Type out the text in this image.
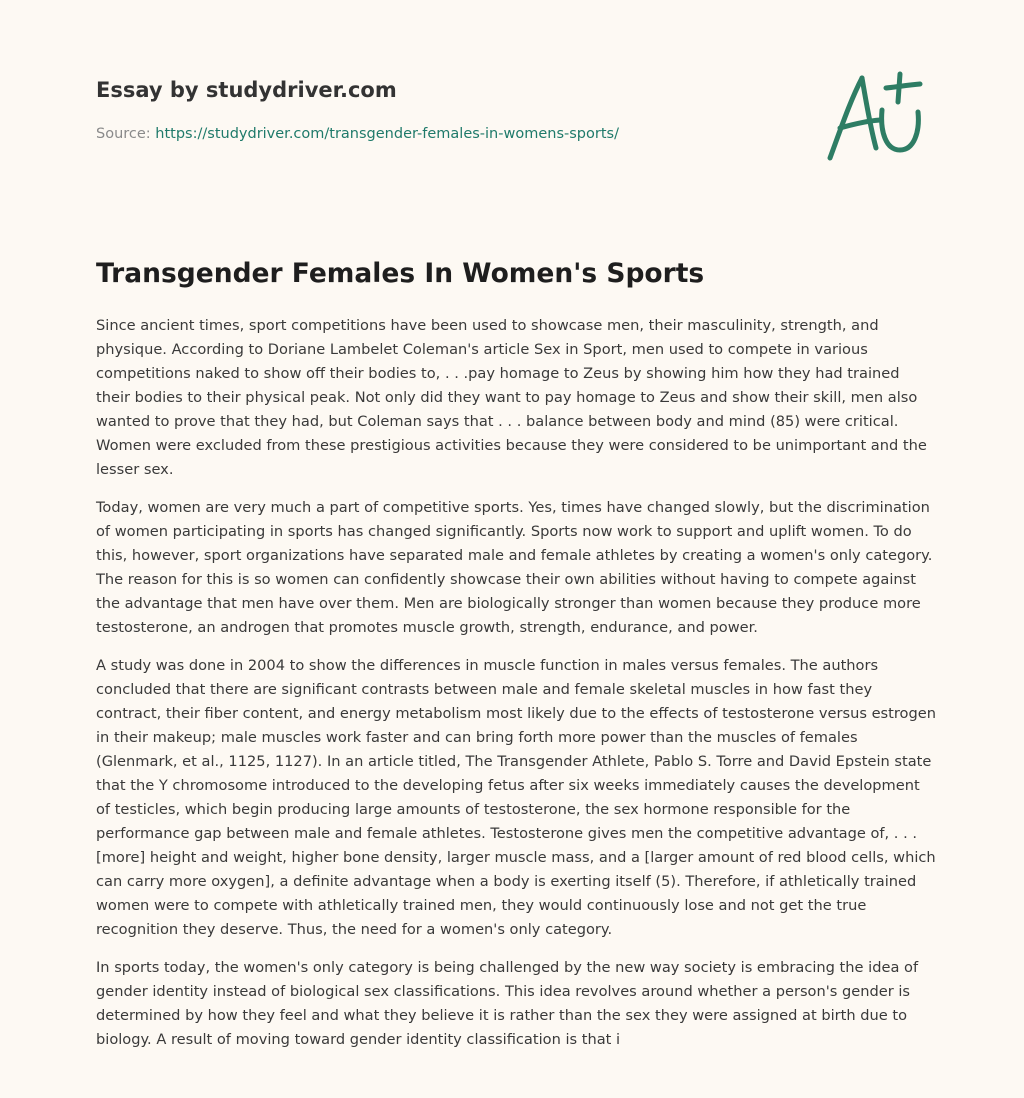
Essay by studydriver.com
Source: https://studydriver.com/transgender-females-in-womens-sports/
Transgender Females In Women's Sports

Since ancient times, sport competitions have been used to showcase men, their masculinity, strength, and physique. According to Doriane Lambelet Coleman's article Sex in Sport, men used to compete in various competitions naked to show off their bodies to, . . .pay homage to Zeus by showing him how they had trained their bodies to their physical peak. Not only did they want to pay homage to Zeus and show their skill, men also wanted to prove that they had, but Coleman says that . . . balance between body and mind (85) were critical. Women were excluded from these prestigious activities because they were considered to be unimportant and the lesser sex.

Today, women are very much a part of competitive sports. Yes, times have changed slowly, but the discrimination of women participating in sports has changed significantly. Sports now work to support and uplift women. To do this, however, sport organizations have separated male and female athletes by creating a women's only category. The reason for this is so women can confidently showcase their own abilities without having to compete against the advantage that men have over them. Men are biologically stronger than women because they produce more testosterone, an androgen that promotes muscle growth, strength, endurance, and power.

A study was done in 2004 to show the differences in muscle function in males versus females. The authors concluded that there are significant contrasts between male and female skeletal muscles in how fast they contract, their fiber content, and energy metabolism most likely due to the effects of testosterone versus estrogen in their makeup; male muscles work faster and can bring forth more power than the muscles of females (Glenmark, et al., 1125, 1127). In an article titled, The Transgender Athlete, Pablo S. Torre and David Epstein state that the Y chromosome introduced to the developing fetus after six weeks immediately causes the development of testicles, which begin producing large amounts of testosterone, the sex hormone responsible for the performance gap between male and female athletes. Testosterone gives men the competitive advantage of, . . .[more] height and weight, higher bone density, larger muscle mass, and a [larger amount of red blood cells, which can carry more oxygen], a definite advantage when a body is exerting itself (5). Therefore, if athletically trained women were to compete with athletically trained men, they would continuously lose and not get the true recognition they deserve. Thus, the need for a women's only category.

In sports today, the women's only category is being challenged by the new way society is embracing the idea of gender identity instead of biological sex classifications. This idea revolves around whether a person's gender is determined by how they feel and what they believe it is rather than the sex they were assigned at birth due to biology. A result of moving toward gender identity classification is that i
